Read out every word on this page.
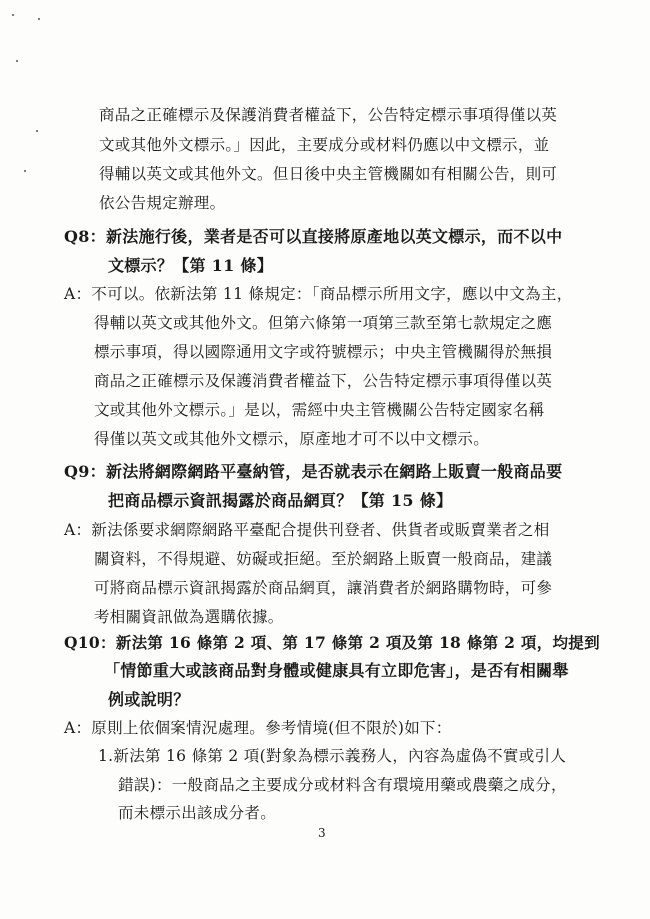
商品之正確標示及保護消費者權益下，公告特定標示事項得僅以英
文或其他外文標示。」因此，主要成分或材料仍應以中文標示，並
得輔以英文或其他外文。但日後中央主管機關如有相關公告，則可
依公告規定辦理。
Q8：新法施行後，業者是否可以直接將原產地以英文標示，而不以中
文標示？【第 11 條】
A：不可以。依新法第 11 條規定：「商品標示所用文字，應以中文為主，
得輔以英文或其他外文。但第六條第一項第三款至第七款規定之應
標示事項，得以國際通用文字或符號標示；中央主管機關得於無損
商品之正確標示及保護消費者權益下，公告特定標示事項得僅以英
文或其他外文標示。」是以，需經中央主管機關公告特定國家名稱
得僅以英文或其他外文標示，原產地才可不以中文標示。
Q9：新法將網際網路平臺納管，是否就表示在網路上販賣一般商品要
把商品標示資訊揭露於商品網頁？【第 15 條】
A：新法係要求網際網路平臺配合提供刊登者、供貨者或販賣業者之相
關資料，不得規避、妨礙或拒絕。至於網路上販賣一般商品，建議
可將商品標示資訊揭露於商品網頁，讓消費者於網路購物時，可參
考相關資訊做為選購依據。
Q10：新法第 16 條第 2 項、第 17 條第 2 項及第 18 條第 2 項，均提到
「情節重大或該商品對身體或健康具有立即危害」，是否有相關舉
例或說明？
A：原則上依個案情況處理。參考情境(但不限於)如下：
1.新法第 16 條第 2 項(對象為標示義務人，內容為虛偽不實或引人
錯誤)：一般商品之主要成分或材料含有環境用藥或農藥之成分，
而未標示出該成分者。
3
